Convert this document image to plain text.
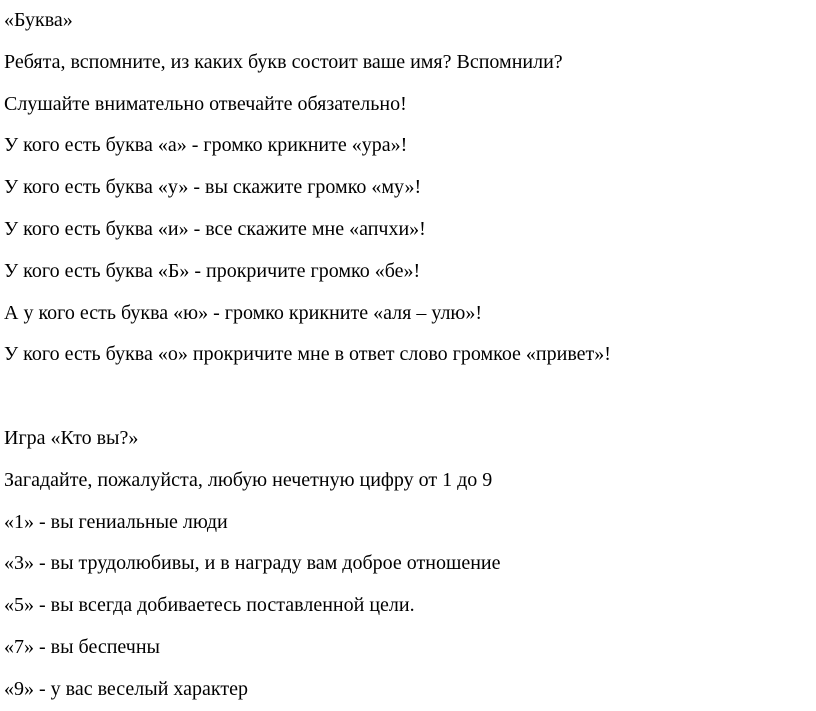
«Буква»
Ребята, вспомните, из каких букв состоит ваше имя? Вспомнили?
Слушайте внимательно отвечайте обязательно!
У кого есть буква «а» - громко крикните «ура»!
У кого есть буква «у» - вы скажите громко «му»!
У кого есть буква «и» - все скажите мне «апчхи»!
У кого есть буква «Б» - прокричите громко «бе»!
А у кого есть буква «ю» - громко крикните «аля – улю»!
У кого есть буква «о» прокричите мне в ответ слово громкое «привет»!
Игра «Кто вы?»
Загадайте, пожалуйста, любую нечетную цифру от 1 до 9
«1» - вы гениальные люди
«3» - вы трудолюбивы, и в награду вам доброе отношение
«5» - вы всегда добиваетесь поставленной цели.
«7» - вы беспечны
«9» - у вас веселый характер
